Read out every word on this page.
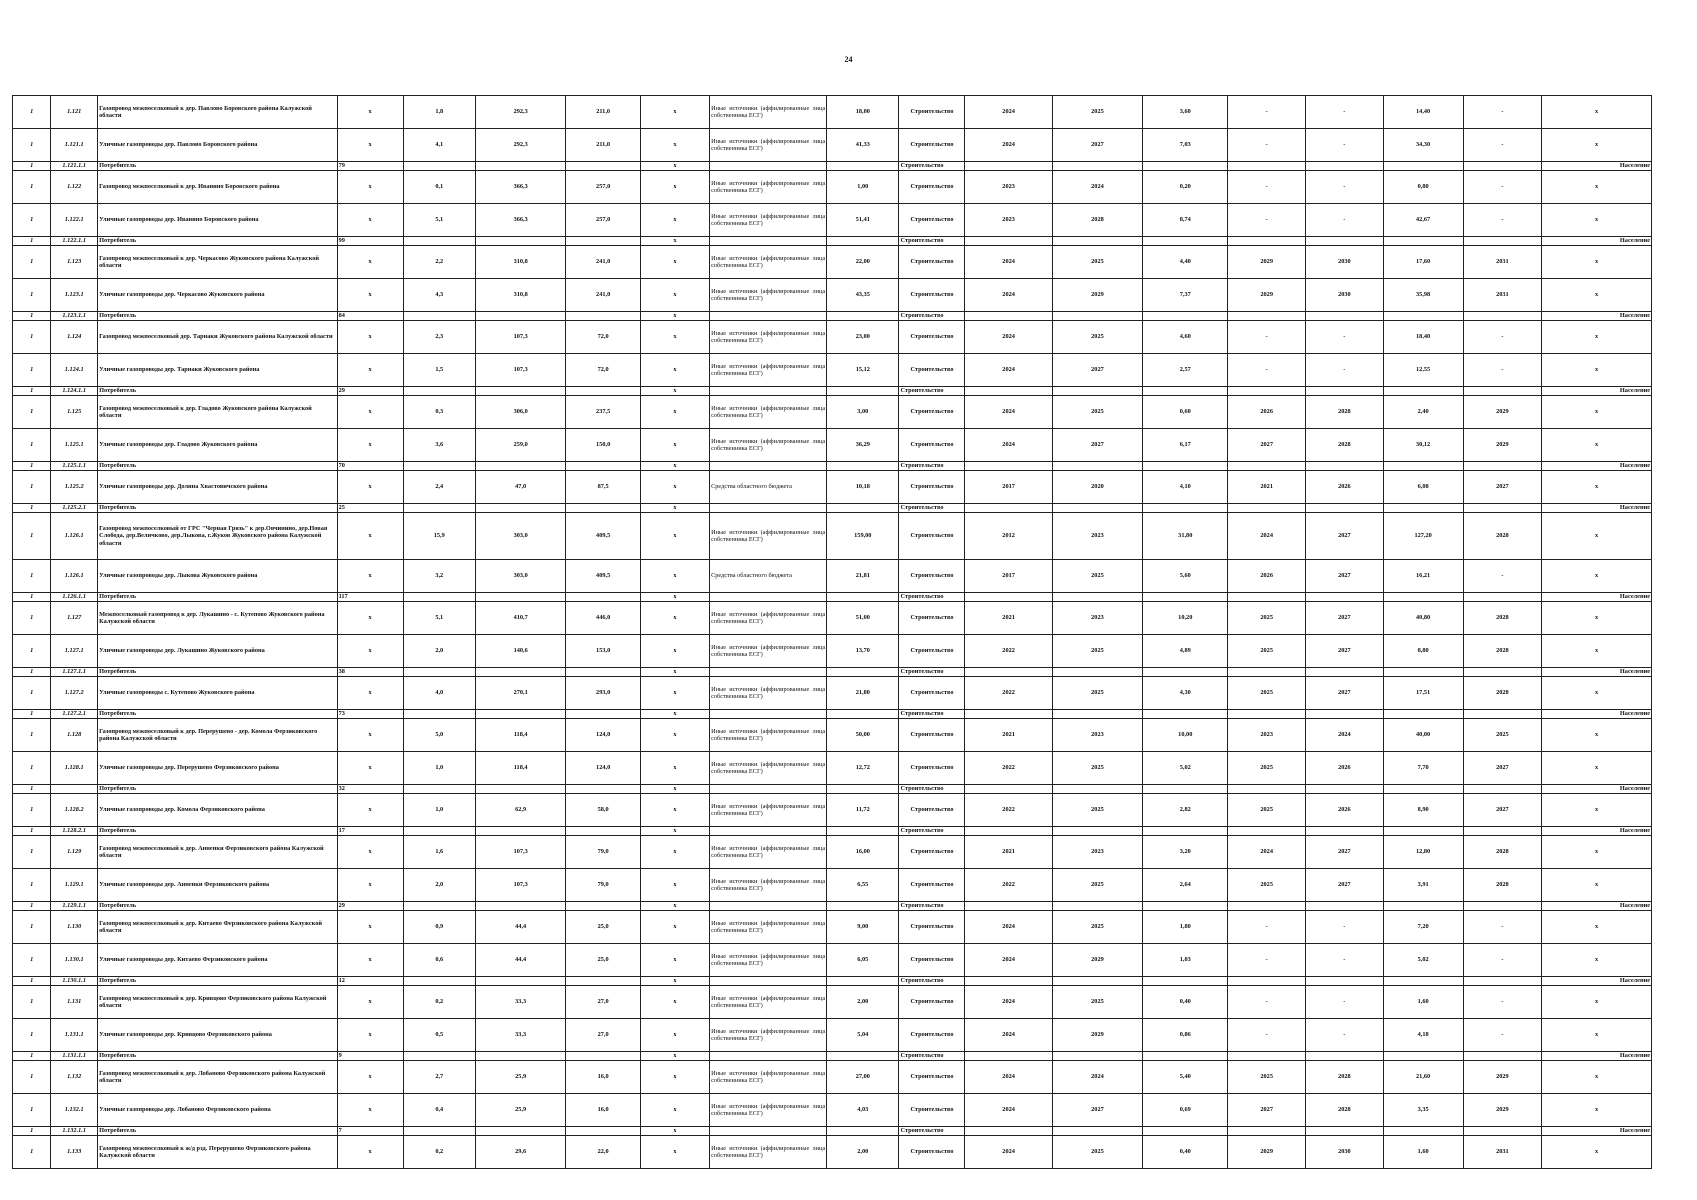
24
1	1.121	Газопровод межпоселковый к дер. Павлово Боровского района Калужской области	x	1,8	292,3	211,0	x	Иные источники (аффилированные лица собственника ЕСГ)	18,00	Строительство	2024	2025	3,60	-	-	14,40	-	x
1	1.121.1	Уличные газопроводы дер. Павлово Боровского района	x	4,1	292,3	211,0	x	Иные источники (аффилированные лица собственника ЕСГ)	41,33	Строительство	2024	2027	7,03	-	-	34,30	-	x
1	1.121.1.1	Потребитель	79				x			Строительство								Население
1	1.122	Газопровод межпоселковый к дер. Иванино Боровского района	x	0,1	366,3	257,0	x	Иные источники (аффилированные лица собственника ЕСГ)	1,00	Строительство	2023	2024	0,20	-	-	0,80	-	x
1	1.122.1	Уличные газопроводы дер. Иванино Боровского района	x	5,1	366,3	257,0	x	Иные источники (аффилированные лица собственника ЕСГ)	51,41	Строительство	2023	2028	8,74	-	-	42,67	-	x
1	1.122.1.1	Потребитель	99				x			Строительство								Население
1	1.123	Газопровод межпоселковый к дер. Черкасово Жуковского района Калужской области	x	2,2	310,8	241,0	x	Иные источники (аффилированные лица собственника ЕСГ)	22,00	Строительство	2024	2025	4,40	2029	2030	17,60	2031	x
1	1.123.1	Уличные газопроводы дер. Черкасово Жуковского района	x	4,3	310,8	241,0	x	Иные источники (аффилированные лица собственника ЕСГ)	43,35	Строительство	2024	2029	7,37	2029	2030	35,98	2031	x
1	1.123.1.1	Потребитель	84				x			Строительство								Население
1	1.124	Газопровод межпоселковый дер. Тарнаки Жуковского района Калужской области	x	2,3	107,3	72,0	x	Иные источники (аффилированные лица собственника ЕСГ)	23,00	Строительство	2024	2025	4,60	-	-	18,40	-	x
1	1.124.1	Уличные газопроводы дер. Тарнаки Жуковского района	x	1,5	107,3	72,0	x	Иные источники (аффилированные лица собственника ЕСГ)	15,12	Строительство	2024	2027	2,57	-	-	12,55	-	x
1	1.124.1.1	Потребитель	29				x			Строительство								Население
1	1.125	Газопровод межпоселковый к дер. Гладово Жуковского района Калужской области	x	0,3	306,0	237,5	x	Иные источники (аффилированные лица собственника ЕСГ)	3,00	Строительство	2024	2025	0,60	2026	2028	2,40	2029	x
1	1.125.1	Уличные газопроводы дер. Гладово Жуковского района	x	3,6	259,0	150,0	x	Иные источники (аффилированные лица собственника ЕСГ)	36,29	Строительство	2024	2027	6,17	2027	2028	30,12	2029	x
1	1.125.1.1	Потребитель	70				x			Строительство								Население
1	1.125.2	Уличные газопроводы дер. Долина Хвастовичского района	x	2,4	47,0	87,5	x	Средства областного бюджета	10,18	Строительство	2017	2020	4,10	2021	2026	6,08	2027	x
1	1.125.2.1	Потребитель	25				x			Строительство								Население
1	1.126.1	Газопровод межпоселковый от ГРС "Черная Грязь" к дер.Овчинино, дер.Новая Слобода, дер.Величково, дер.Лыкова, г.Жуков Жуковского района Калужской области	x	15,9	303,0	409,5	x	Иные источники (аффилированные лица собственника ЕСГ)	159,00	Строительство	2012	2023	31,80	2024	2027	127,20	2028	x
1	1.126.1	Уличные газопроводы дер. Лыкова Жуковского района	x	3,2	303,0	409,5	x	Средства областного бюджета	21,81	Строительство	2017	2025	5,60	2026	2027	16,21	-	x
1	1.126.1.1	Потребитель	117				x			Строительство								Население
1	1.127	Межпоселковый газопровод к дер. Лукашино - с. Кутепово Жуковского района Калужской области	x	5,1	410,7	446,0	x	Иные источники (аффилированные лица собственника ЕСГ)	51,00	Строительство	2021	2023	10,20	2025	2027	40,80	2028	x
1	1.127.1	Уличные газопроводы дер. Лукашино Жуковского района	x	2,0	140,6	153,0	x	Иные источники (аффилированные лица собственника ЕСГ)	13,70	Строительство	2022	2025	4,89	2025	2027	8,80	2028	x
1	1.127.1.1	Потребитель	38				x			Строительство								Население
1	1.127.2	Уличные газопроводы с. Кутепово Жуковского района	x	4,0	270,1	293,0	x	Иные источники (аффилированные лица собственника ЕСГ)	21,80	Строительство	2022	2025	4,30	2025	2027	17,51	2028	x
1	1.127.2.1	Потребитель	73				x			Строительство								Население
1	1.128	Газопровод межпоселковый к дер. Перерушево - дер. Комола Ферзиковского района Калужской области	x	5,0	118,4	124,0	x	Иные источники (аффилированные лица собственника ЕСГ)	50,00	Строительство	2021	2023	10,00	2023	2024	40,00	2025	x
1	1.128.1	Уличные газопроводы дер. Перерушево Ферзиковского района	x	1,0	118,4	124,0	x	Иные источники (аффилированные лица собственника ЕСГ)	12,72	Строительство	2022	2025	5,02	2025	2026	7,70	2027	x
1		Потребитель	32				x			Строительство								Население
1	1.128.2	Уличные газопроводы дер. Комола Ферзиковского района	x	1,0	62,9	58,0	x	Иные источники (аффилированные лица собственника ЕСГ)	11,72	Строительство	2022	2025	2,82	2025	2026	8,90	2027	x
1	1.128.2.1	Потребитель	17				x			Строительство								Население
1	1.129	Газопровод межпоселковый к дер. Анненки Ферзиковского района Калужской области	x	1,6	107,3	79,0	x	Иные источники (аффилированные лица собственника ЕСГ)	16,00	Строительство	2021	2023	3,20	2024	2027	12,80	2028	x
1	1.129.1	Уличные газопроводы дер. Анненки Ферзиковского района	x	2,0	107,3	79,0	x	Иные источники (аффилированные лица собственника ЕСГ)	6,55	Строительство	2022	2025	2,64	2025	2027	3,91	2028	x
1	1.129.1.1	Потребитель	29				x			Строительство								Население
1	1.130	Газопровод межпоселковый к дер. Китаево Ферзиковского района Калужской области	x	0,9	44,4	25,0	x	Иные источники (аффилированные лица собственника ЕСГ)	9,00	Строительство	2024	2025	1,80	-	-	7,20	-	x
1	1.130.1	Уличные газопроводы дер. Китаево Ферзиковского района	x	0,6	44,4	25,0	x	Иные источники (аффилированные лица собственника ЕСГ)	6,05	Строительство	2024	2029	1,03	-	-	5,02	-	x
1	1.130.1.1	Потребитель	12				x			Строительство								Население
1	1.131	Газопровод межпоселковый к дер. Кривцово Ферзиковского района Калужской области	x	0,2	33,3	27,0	x	Иные источники (аффилированные лица собственника ЕСГ)	2,00	Строительство	2024	2025	0,40	-	-	1,60	-	x
1	1.131.1	Уличные газопроводы дер. Кривцово Ферзиковского района	x	0,5	33,3	27,0	x	Иные источники (аффилированные лица собственника ЕСГ)	5,04	Строительство	2024	2029	0,86	-	-	4,18	-	x
1	1.131.1.1	Потребитель	9				x			Строительство								Население
1	1.132	Газопровод межпоселковый к дер. Лобаново Ферзиковского района Калужской области	x	2,7	25,9	16,0	x	Иные источники (аффилированные лица собственника ЕСГ)	27,00	Строительство	2024	2024	5,40	2025	2028	21,60	2029	x
1	1.132.1	Уличные газопроводы дер. Лобаново Ферзиковского района	x	0,4	25,9	16,0	x	Иные источники (аффилированные лица собственника ЕСГ)	4,03	Строительство	2024	2027	0,69	2027	2028	3,35	2029	x
1	1.132.1.1	Потребитель	7				x			Строительство								Население
1	1.133	Газопровод межпоселковый к ж/д рзд. Перерушево Ферзиковского района Калужской области	x	0,2	29,6	22,0	x	Иные источники (аффилированные лица собственника ЕСГ)	2,00	Строительство	2024	2025	0,40	2029	2030	1,60	2031	x
